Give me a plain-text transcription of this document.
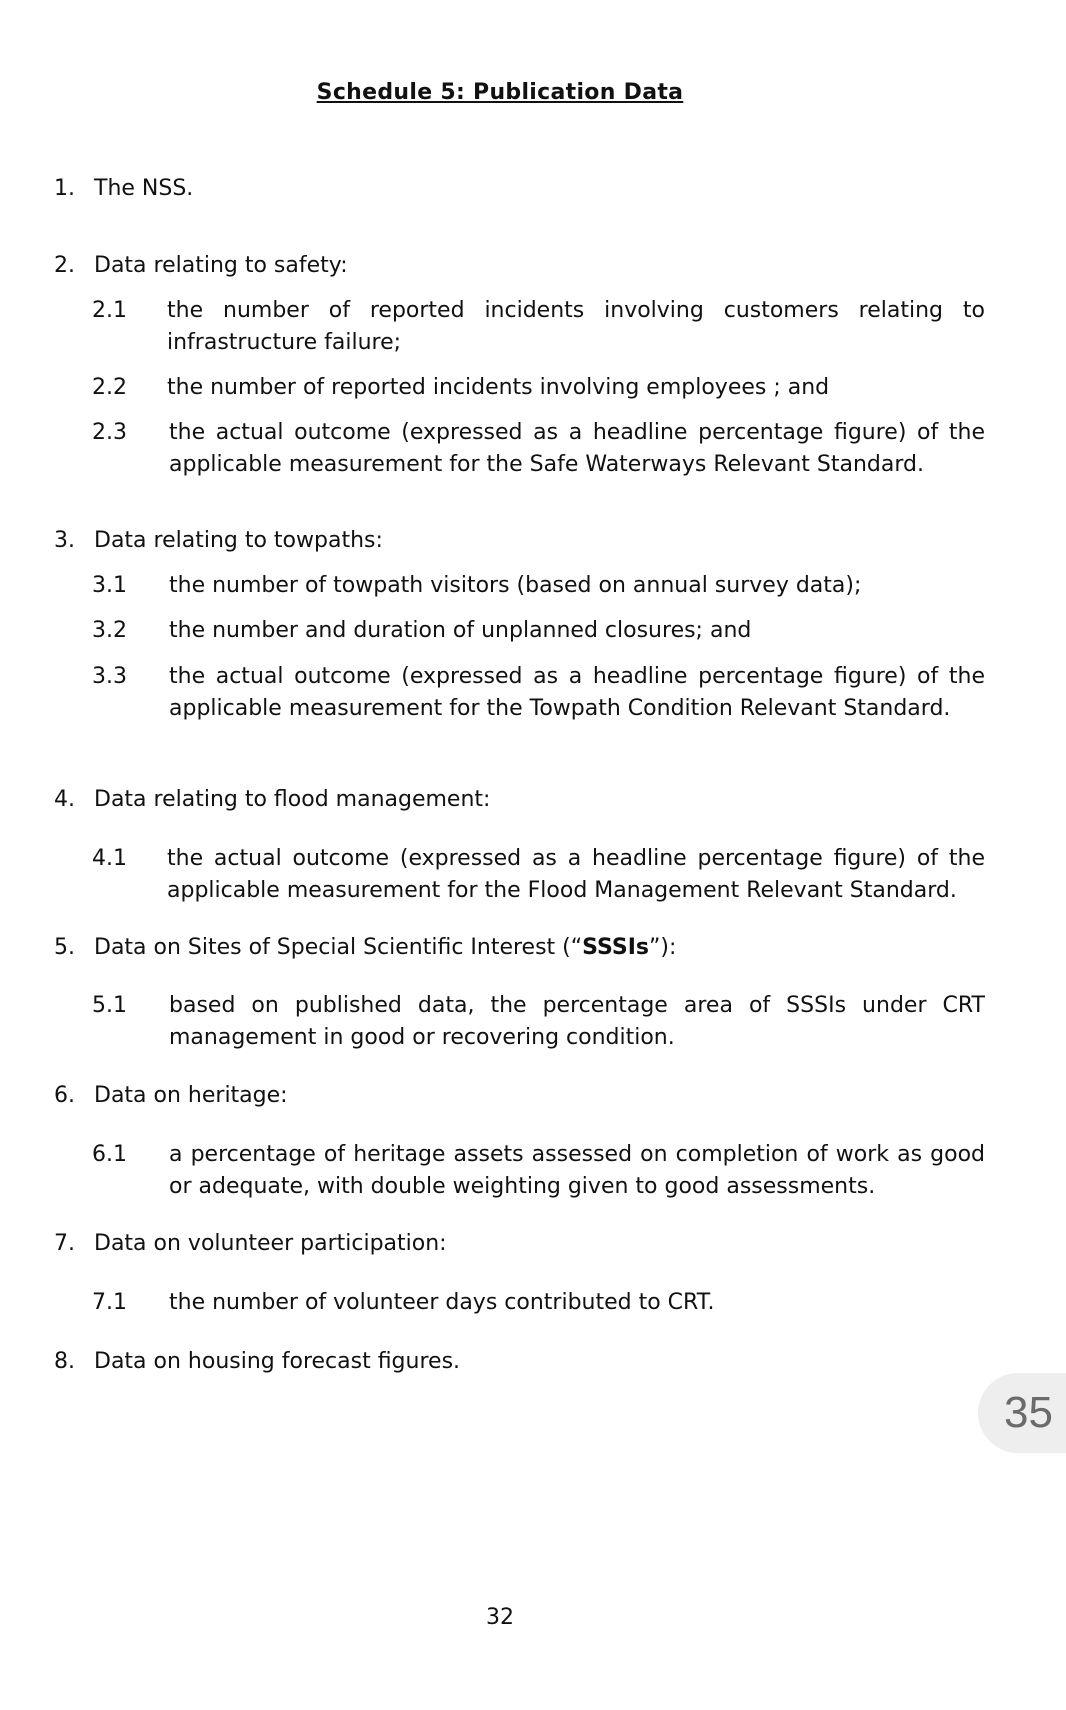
Schedule 5: Publication Data
1. The NSS.
2. Data relating to safety:
2.1 the number of reported incidents involving customers relating to infrastructure failure;
2.2 the number of reported incidents involving employees ; and
2.3 the actual outcome (expressed as a headline percentage figure) of the applicable measurement for the Safe Waterways Relevant Standard.
3. Data relating to towpaths:
3.1 the number of towpath visitors (based on annual survey data);
3.2 the number and duration of unplanned closures; and
3.3 the actual outcome (expressed as a headline percentage figure) of the applicable measurement for the Towpath Condition Relevant Standard.
4. Data relating to flood management:
4.1 the actual outcome (expressed as a headline percentage figure) of the applicable measurement for the Flood Management Relevant Standard.
5. Data on Sites of Special Scientific Interest (“SSSIs”):
5.1 based on published data, the percentage area of SSSIs under CRT management in good or recovering condition.
6. Data on heritage:
6.1 a percentage of heritage assets assessed on completion of work as good or adequate, with double weighting given to good assessments.
7. Data on volunteer participation:
7.1 the number of volunteer days contributed to CRT.
8. Data on housing forecast figures.
32
35
